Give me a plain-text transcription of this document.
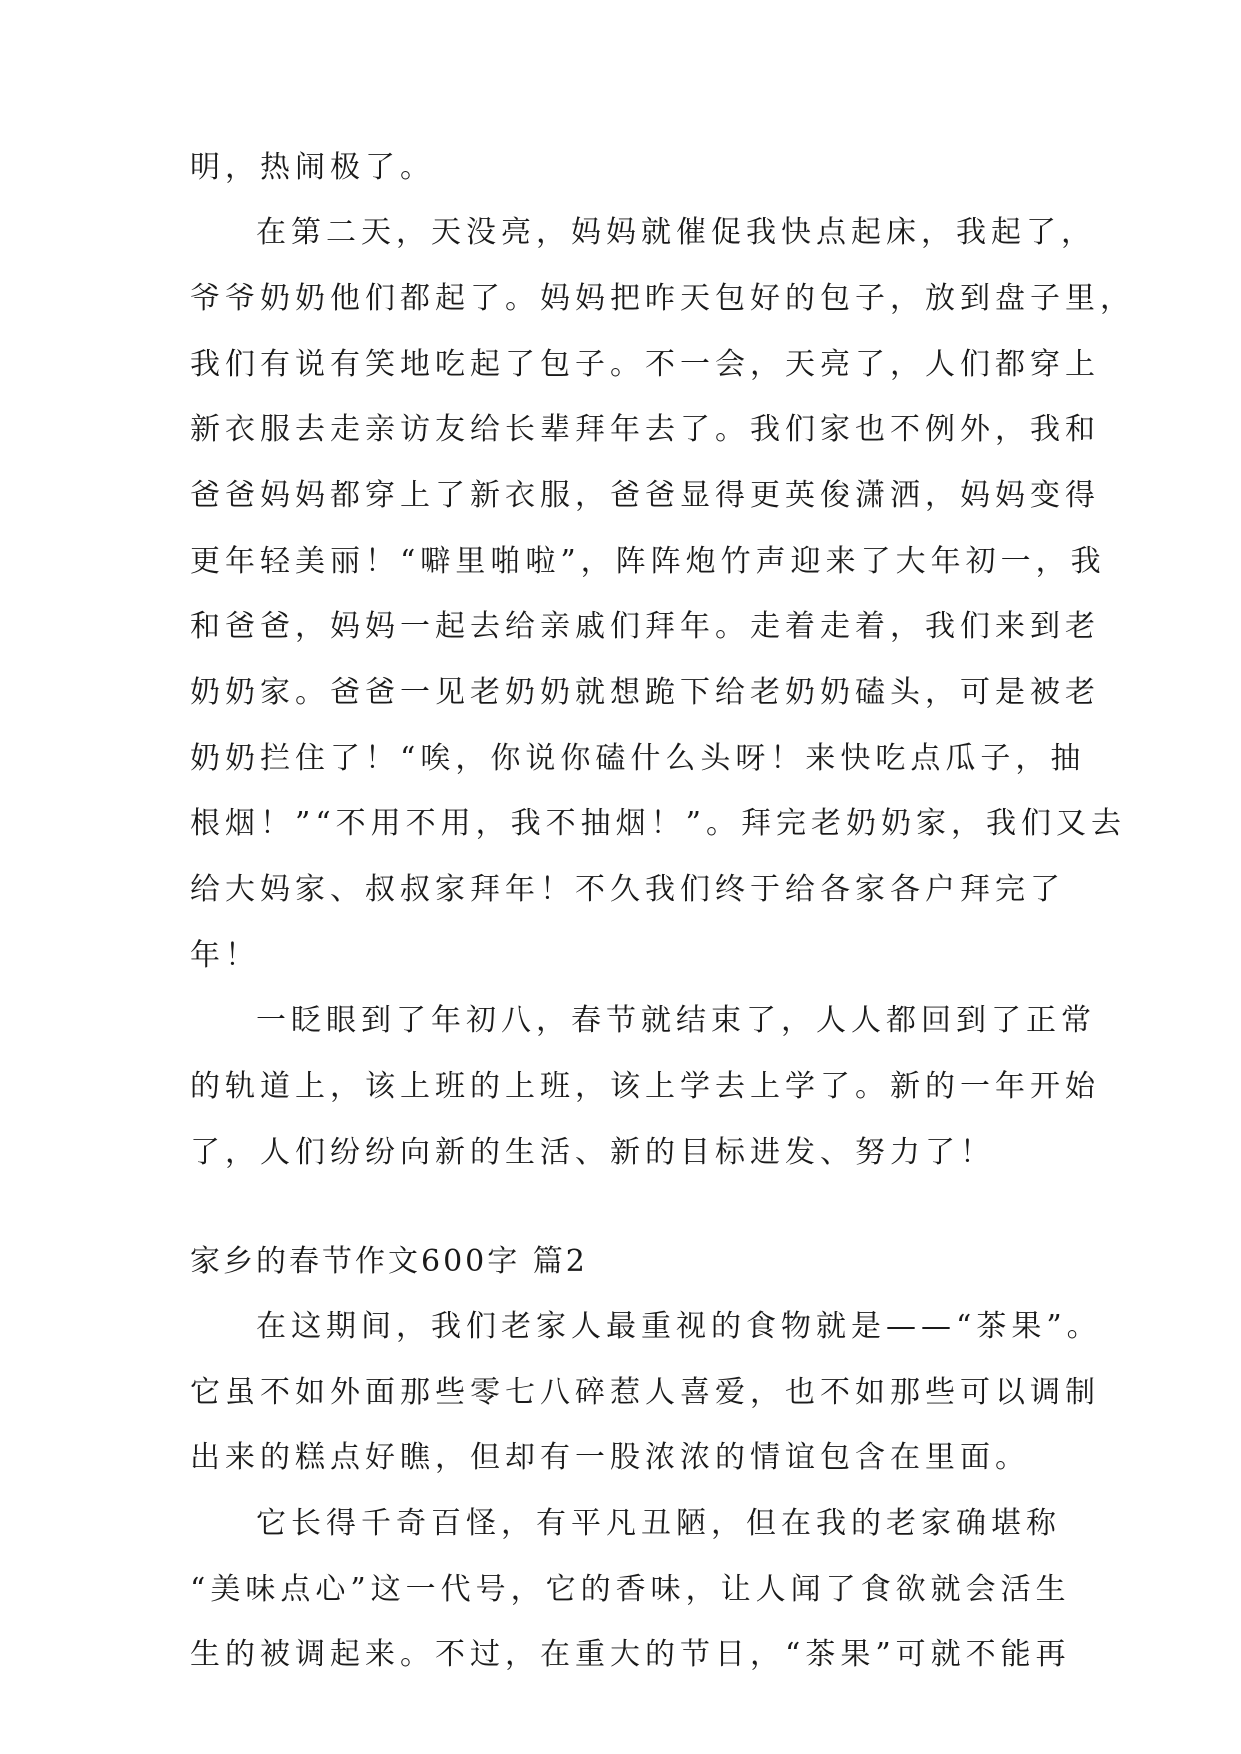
明，热闹极了。
在第二天，天没亮，妈妈就催促我快点起床，我起了，
爷爷奶奶他们都起了。妈妈把昨天包好的包子，放到盘子里，
我们有说有笑地吃起了包子。不一会，天亮了，人们都穿上
新衣服去走亲访友给长辈拜年去了。我们家也不例外，我和
爸爸妈妈都穿上了新衣服，爸爸显得更英俊潇洒，妈妈变得
更年轻美丽！“噼里啪啦”，阵阵炮竹声迎来了大年初一，我
和爸爸，妈妈一起去给亲戚们拜年。走着走着，我们来到老
奶奶家。爸爸一见老奶奶就想跪下给老奶奶磕头，可是被老
奶奶拦住了！“唉，你说你磕什么头呀！来快吃点瓜子，抽
根烟！”“不用不用，我不抽烟！”。拜完老奶奶家，我们又去
给大妈家、叔叔家拜年！不久我们终于给各家各户拜完了
年！
一眨眼到了年初八，春节就结束了，人人都回到了正常
的轨道上，该上班的上班，该上学去上学了。新的一年开始
了，人们纷纷向新的生活、新的目标进发、努力了！
家乡的春节作文600字 篇2
在这期间，我们老家人最重视的食物就是——“茶果”。
它虽不如外面那些零七八碎惹人喜爱，也不如那些可以调制
出来的糕点好瞧，但却有一股浓浓的情谊包含在里面。
它长得千奇百怪，有平凡丑陋，但在我的老家确堪称
“美味点心”这一代号，它的香味，让人闻了食欲就会活生
生的被调起来。不过，在重大的节日，“茶果”可就不能再
